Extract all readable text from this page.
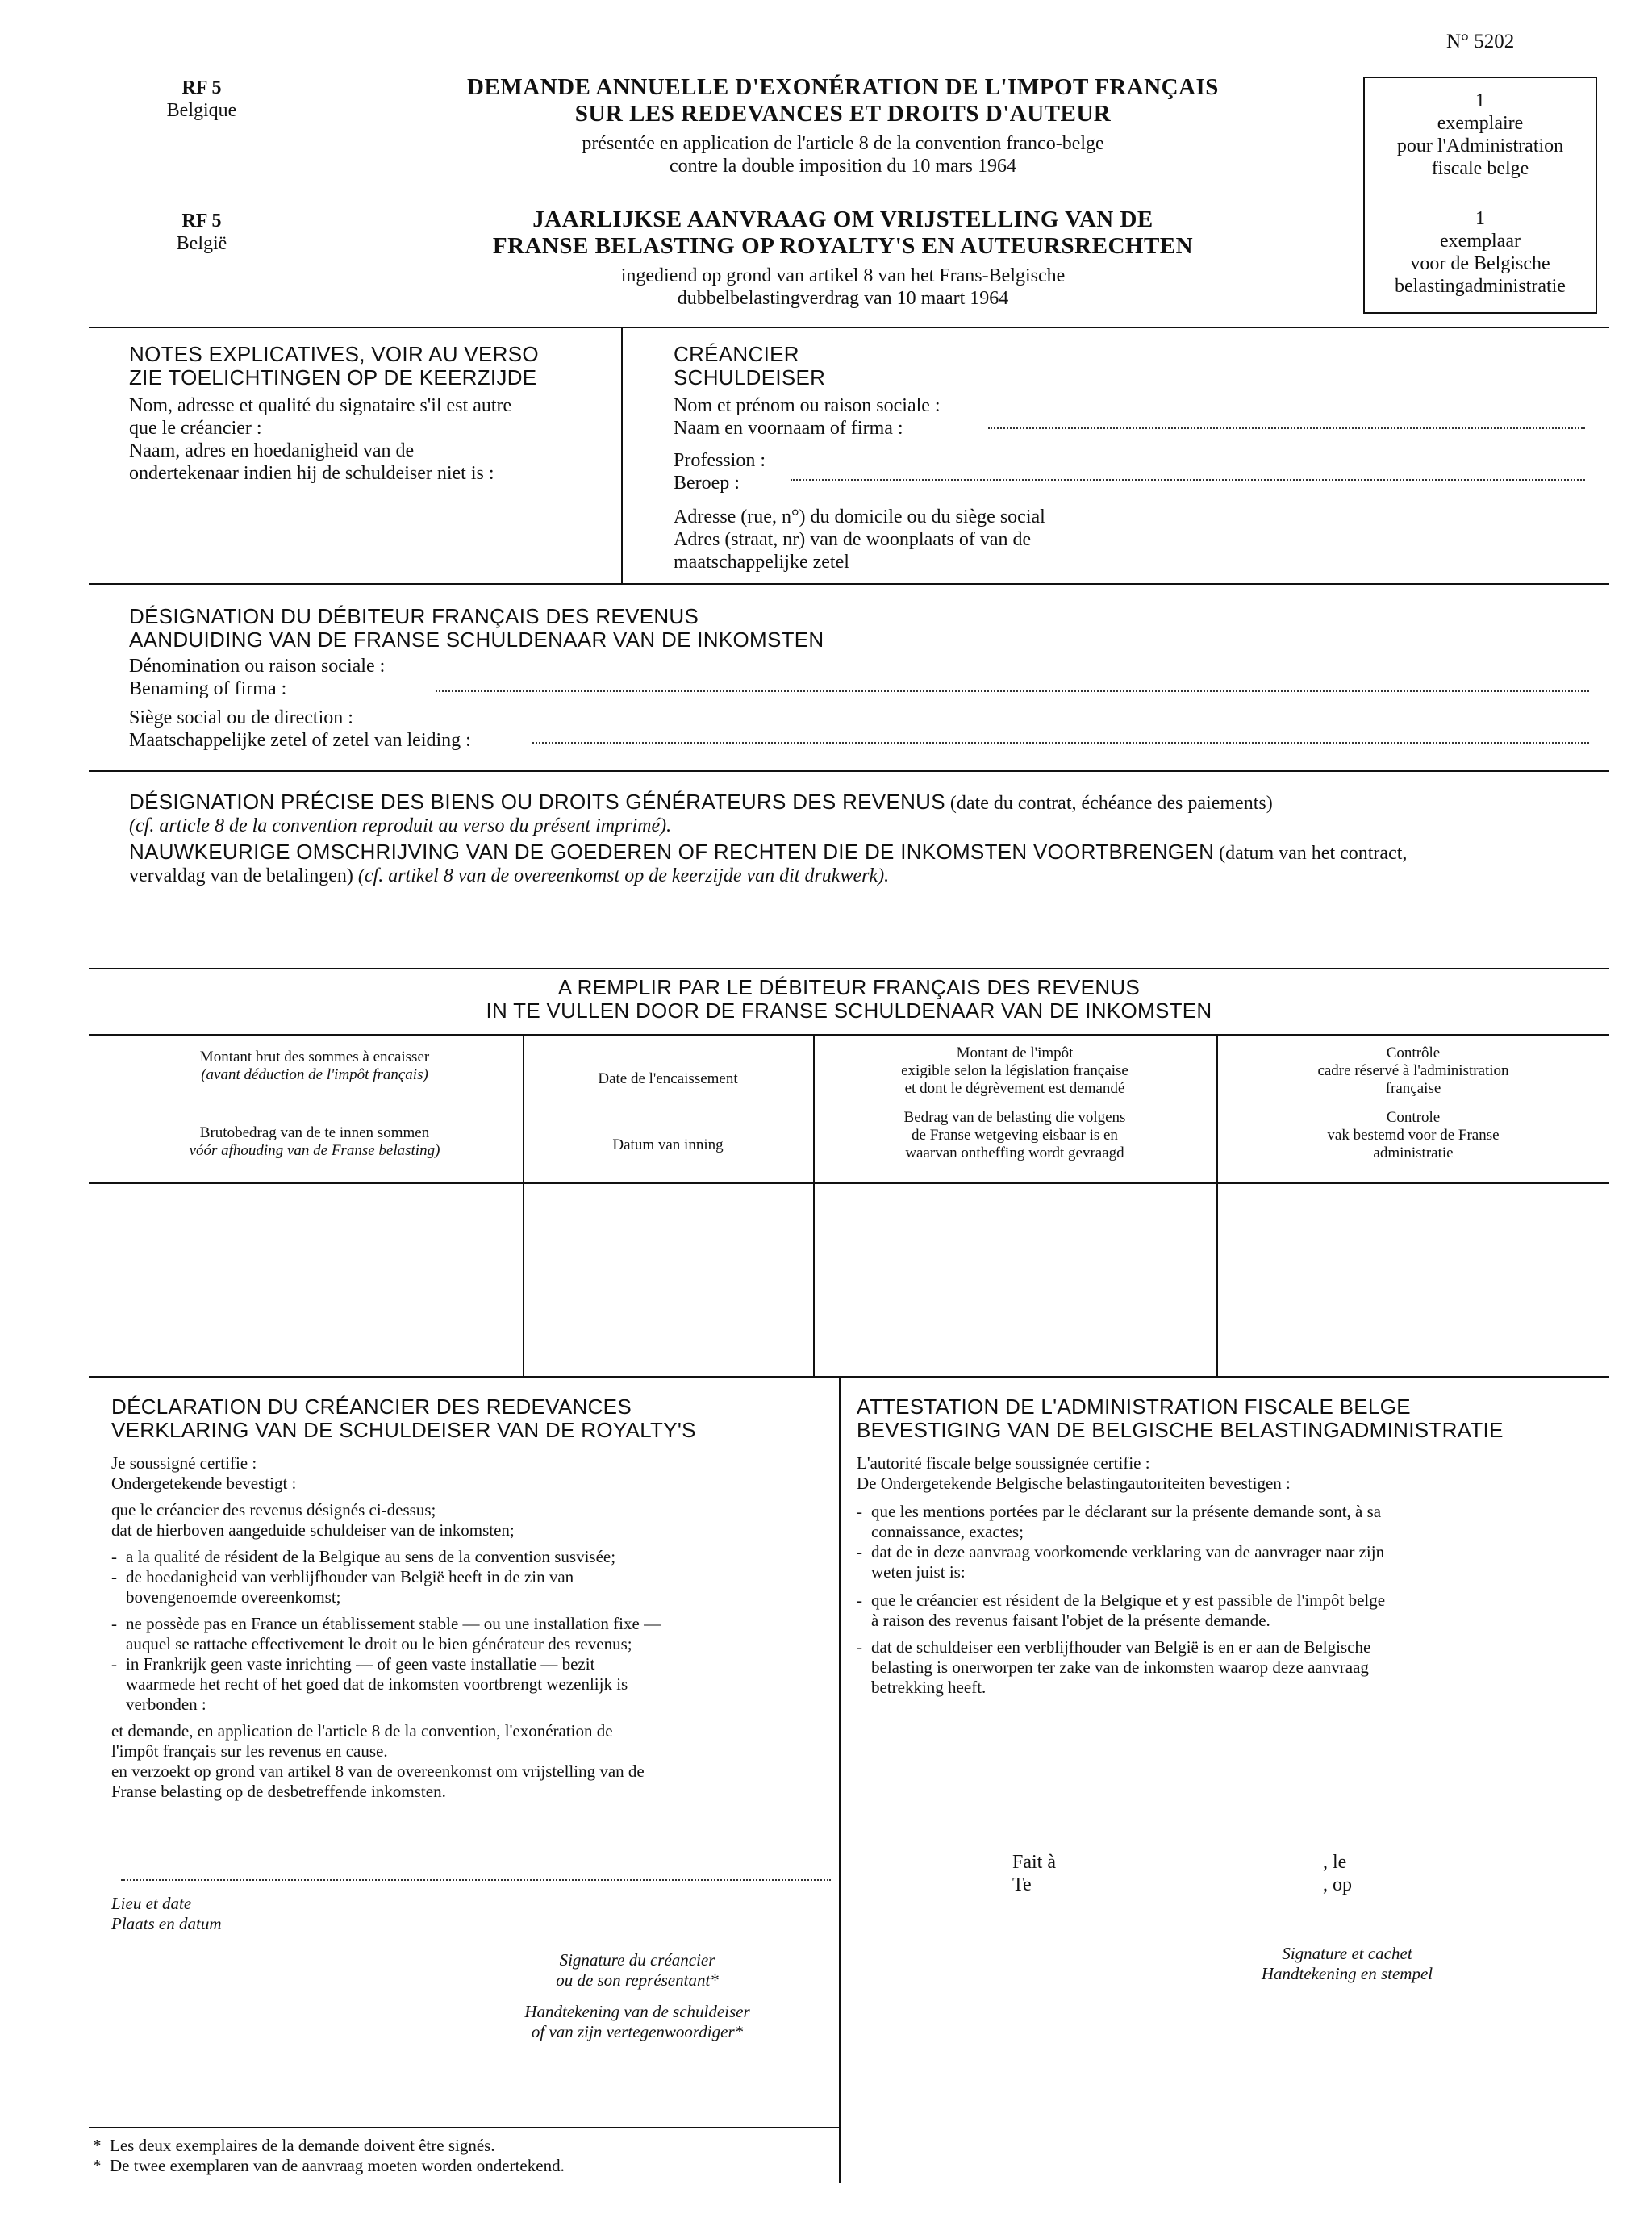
N° 5202
RF 5
Belgique
DEMANDE ANNUELLE D'EXONÉRATION DE L'IMPOT FRANÇAIS
SUR LES REDEVANCES ET DROITS D'AUTEUR
présentée en application de l'article 8 de la convention franco-belge
contre la double imposition du 10 mars 1964
RF 5
België
JAARLIJKSE AANVRAAG OM VRIJSTELLING VAN DE
FRANSE BELASTING OP ROYALTY'S EN AUTEURSRECHTEN
ingediend op grond van artikel 8 van het Frans-Belgische
dubbelbelastingverdrag van 10 maart 1964
1
exemplaire
pour l'Administration
fiscale belge
1
exemplaar
voor de Belgische
belastingadministratie
NOTES EXPLICATIVES, VOIR AU VERSO
ZIE TOELICHTINGEN OP DE KEERZIJDE
Nom, adresse et qualité du signataire s'il est autre
que le créancier :
Naam, adres en hoedanigheid van de
ondertekenaar indien hij de schuldeiser niet is :
CRÉANCIER
SCHULDEISER
Nom et prénom ou raison sociale :
Naam en voornaam of firma :
Profession :
Beroep :
Adresse (rue, n°) du domicile ou du siège social
Adres (straat, nr) van de woonplaats of van de
maatschappelijke zetel
DÉSIGNATION DU DÉBITEUR FRANÇAIS DES REVENUS
AANDUIDING VAN DE FRANSE SCHULDENAAR VAN DE INKOMSTEN
Dénomination ou raison sociale :
Benaming of firma :
Siège social ou de direction :
Maatschappelijke zetel of zetel van leiding :
DÉSIGNATION PRÉCISE DES BIENS OU DROITS GÉNÉRATEURS DES REVENUS (date du contrat, échéance des paiements)
(cf. article 8 de la convention reproduit au verso du présent imprimé).
NAUWKEURIGE OMSCHRIJVING VAN DE GOEDEREN OF RECHTEN DIE DE INKOMSTEN VOORTBRENGEN (datum van het contract,
vervaldag van de betalingen) (cf. artikel 8 van de overeenkomst op de keerzijde van dit drukwerk).
A REMPLIR PAR LE DÉBITEUR FRANÇAIS DES REVENUS
IN TE VULLEN DOOR DE FRANSE SCHULDENAAR VAN DE INKOMSTEN
Montant brut des sommes à encaisser
(avant déduction de l'impôt français)
Brutobedrag van de te innen sommen
vóór afhouding van de Franse belasting)
Date de l'encaissement
Datum van inning
Montant de l'impôt
exigible selon la législation française
et dont le dégrèvement est demandé
Bedrag van de belasting die volgens
de Franse wetgeving eisbaar is en
waarvan ontheffing wordt gevraagd
Contrôle
cadre réservé à l'administration
française
Controle
vak bestemd voor de Franse
administratie
DÉCLARATION DU CRÉANCIER DES REDEVANCES
VERKLARING VAN DE SCHULDEISER VAN DE ROYALTY'S
Je soussigné certifie :
Ondergetekende bevestigt :
que le créancier des revenus désignés ci-dessus;
dat de hierboven aangeduide schuldeiser van de inkomsten;
- a la qualité de résident de la Belgique au sens de la convention susvisée;
- de hoedanigheid van verblijfhouder van België heeft in de zin van
bovengenoemde overeenkomst;
- ne possède pas en France un établissement stable — ou une installation fixe —
auquel se rattache effectivement le droit ou le bien générateur des revenus;
- in Frankrijk geen vaste inrichting — of geen vaste installatie — bezit
waarmede het recht of het goed dat de inkomsten voortbrengt wezenlijk is
verbonden :
et demande, en application de l'article 8 de la convention, l'exonération de
l'impôt français sur les revenus en cause.
en verzoekt op grond van artikel 8 van de overeenkomst om vrijstelling van de
Franse belasting op de desbetreffende inkomsten.
Lieu et date
Plaats en datum
Signature du créancier
ou de son représentant*
Handtekening van de schuldeiser
of van zijn vertegenwoordiger*
ATTESTATION DE L'ADMINISTRATION FISCALE BELGE
BEVESTIGING VAN DE BELGISCHE BELASTINGADMINISTRATIE
L'autorité fiscale belge soussignée certifie :
De Ondergetekende Belgische belastingautoriteiten bevestigen :
- que les mentions portées par le déclarant sur la présente demande sont, à sa
connaissance, exactes;
- dat de in deze aanvraag voorkomende verklaring van de aanvrager naar zijn
weten juist is:
- que le créancier est résident de la Belgique et y est passible de l'impôt belge
à raison des revenus faisant l'objet de la présente demande.
- dat de schuldeiser een verblijfhouder van België is en er aan de Belgische
belasting is onerworpen ter zake van de inkomsten waarop deze aanvraag
betrekking heeft.
Fait à
Te
, le
, op
Signature et cachet
Handtekening en stempel
* Les deux exemplaires de la demande doivent être signés.
* De twee exemplaren van de aanvraag moeten worden ondertekend.
